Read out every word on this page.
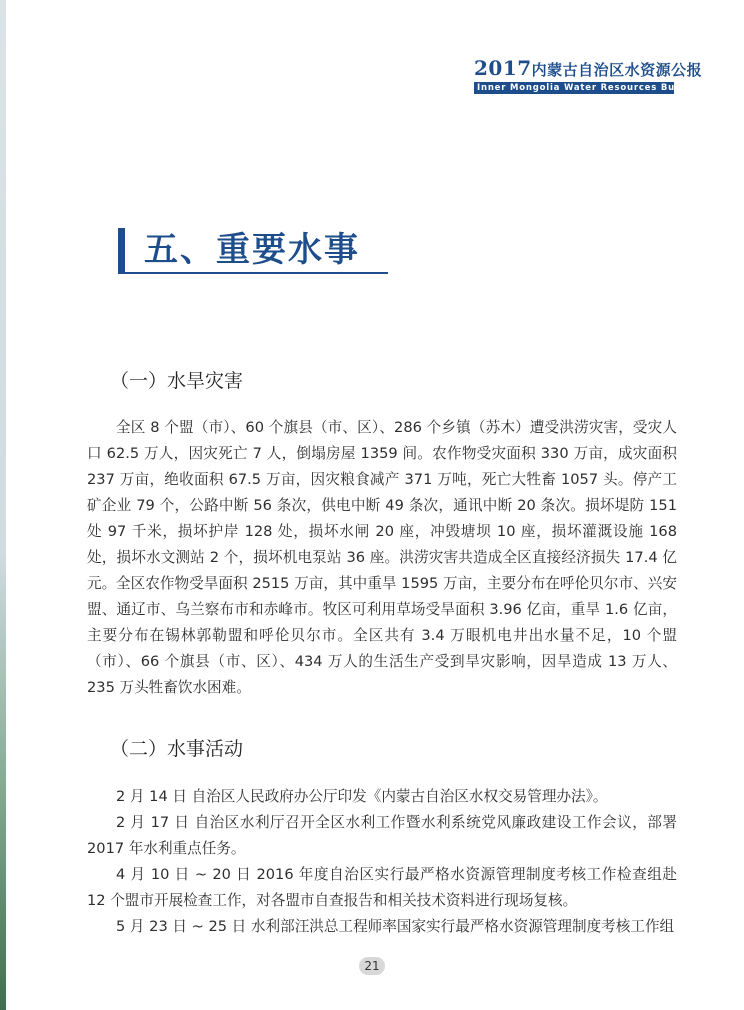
2017内蒙古自治区水资源公报
Inner Mongolia Water Resources Bulletin
五、重要水事
（一）水旱灾害

全区 8 个盟（市）、60 个旗县（市、区）、286 个乡镇（苏木）遭受洪涝灾害，受灾人口 62.5 万人，因灾死亡 7 人，倒塌房屋 1359 间。农作物受灾面积 330 万亩，成灾面积 237 万亩，绝收面积 67.5 万亩，因灾粮食减产 371 万吨，死亡大牲畜 1057 头。停产工矿企业 79 个，公路中断 56 条次，供电中断 49 条次，通讯中断 20 条次。损坏堤防 151 处 97 千米，损坏护岸 128 处，损坏水闸 20 座，冲毁塘坝 10 座，损坏灌溉设施 168 处，损坏水文测站 2 个，损坏机电泵站 36 座。洪涝灾害共造成全区直接经济损失 17.4 亿元。 全区农作物受旱面积 2515 万亩，其中重旱 1595 万亩，主要分布在呼伦贝尔市、兴安盟、通辽市、乌兰察布市和赤峰市。牧区可利用草场受旱面积 3.96 亿亩，重旱 1.6 亿亩，主要分布在锡林郭勒盟和呼伦贝尔市。全区共有 3.4 万眼机电井出水量不足，10 个盟（市）、66 个旗县（市、区）、434 万人的生活生产受到旱灾影响，因旱造成 13 万人、235 万头牲畜饮水困难。

（二）水事活动

2 月 14 日 自治区人民政府办公厅印发《内蒙古自治区水权交易管理办法》。

2 月 17 日 自治区水利厅召开全区水利工作暨水利系统党风廉政建设工作会议，部署 2017 年水利重点任务。

4 月 10 日 ~ 20 日 2016 年度自治区实行最严格水资源管理制度考核工作检查组赴 12 个盟市开展检查工作，对各盟市自查报告和相关技术资料进行现场复核。

5 月 23 日 ~ 25 日 水利部汪洪总工程师率国家实行最严格水资源管理制度考核工作组

21
